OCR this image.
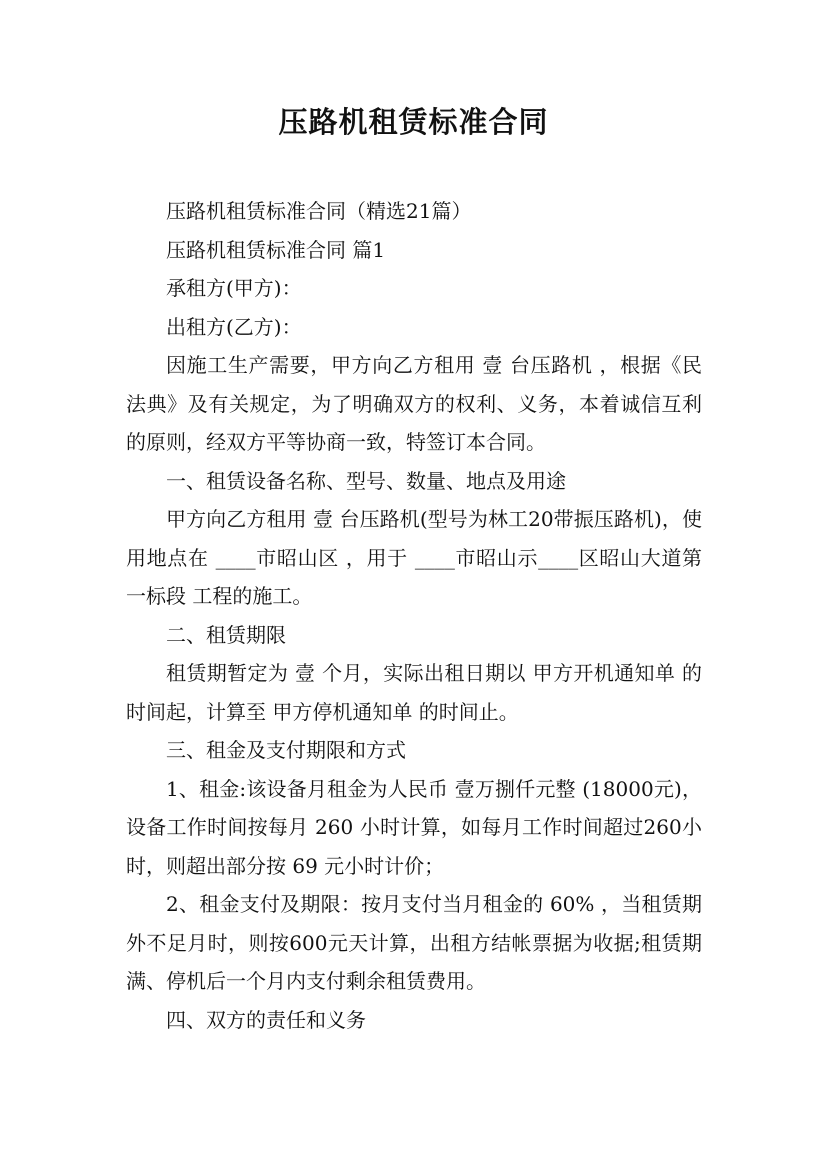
压路机租赁标准合同

压路机租赁标准合同（精选21篇）

压路机租赁标准合同 篇1

承租方(甲方)：

出租方(乙方)：

因施工生产需要，甲方向乙方租用 壹 台压路机 ，根据《民法典》及有关规定，为了明确双方的权利、义务，本着诚信互利的原则，经双方平等协商一致，特签订本合同。

一、租赁设备名称、型号、数量、地点及用途

甲方向乙方租用 壹 台压路机(型号为林工20带振压路机)，使用地点在 ____市昭山区 ，用于 ____市昭山示____区昭山大道第一标段 工程的施工。

二、租赁期限

租赁期暂定为 壹 个月，实际出租日期以 甲方开机通知单 的时间起，计算至 甲方停机通知单 的时间止。

三、租金及支付期限和方式

1、租金:该设备月租金为人民币 壹万捌仟元整 (18000元)，设备工作时间按每月 260 小时计算，如每月工作时间超过260小时，则超出部分按 69 元小时计价；

2、租金支付及期限：按月支付当月租金的 60% ，当租赁期外不足月时，则按600元天计算，出租方结帐票据为收据;租赁期满、停机后一个月内支付剩余租赁费用。

四、双方的责任和义务
